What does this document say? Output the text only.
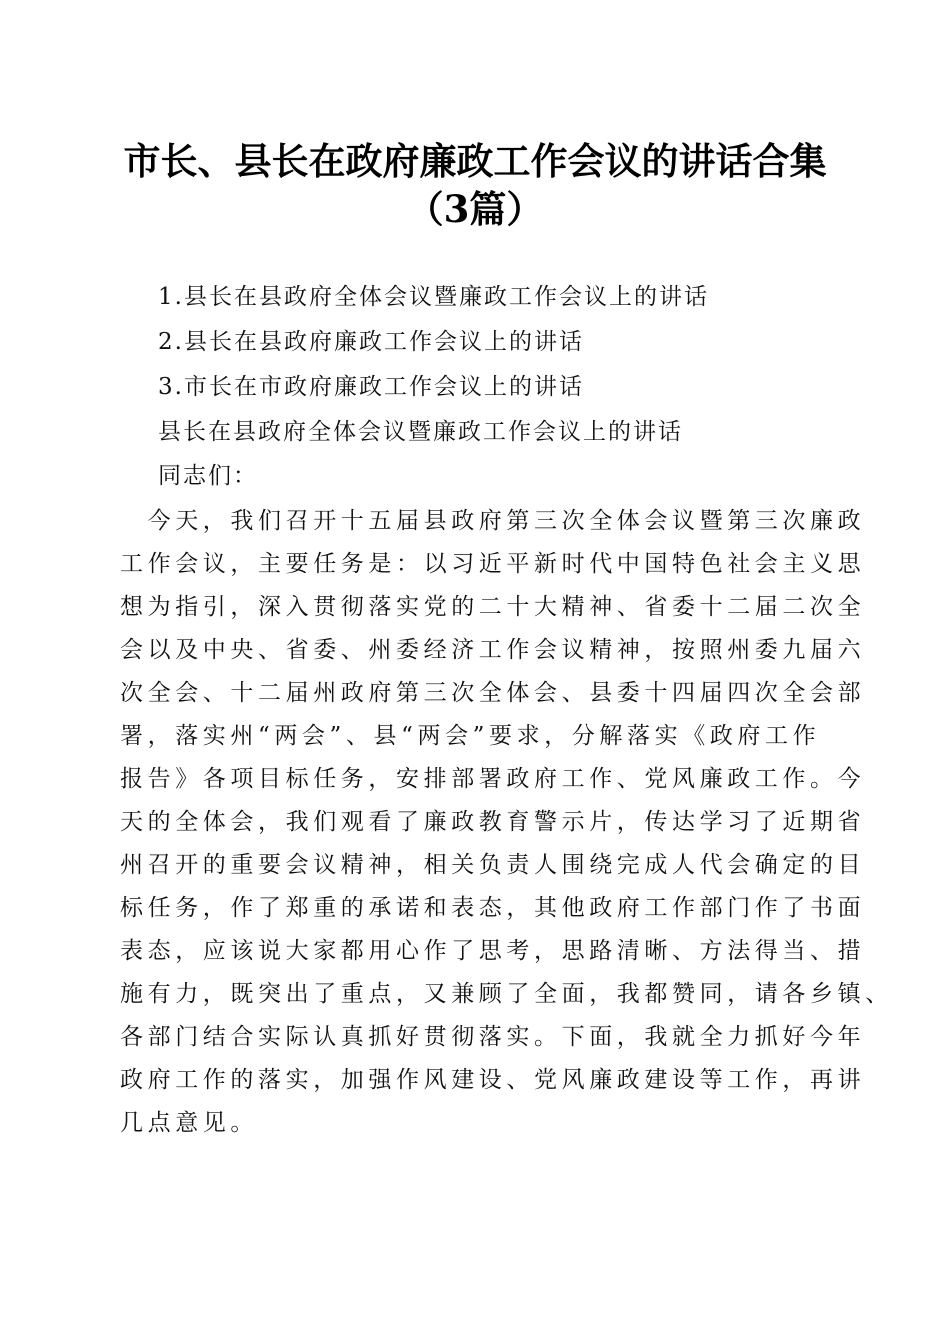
市长、县长在政府廉政工作会议的讲话合集
（3篇）
1.县长在县政府全体会议暨廉政工作会议上的讲话
2.县长在县政府廉政工作会议上的讲话
3.市长在市政府廉政工作会议上的讲话
县长在县政府全体会议暨廉政工作会议上的讲话
同志们：
　今天，我们召开十五届县政府第三次全体会议暨第三次廉政
工作会议，主要任务是：以习近平新时代中国特色社会主义思
想为指引，深入贯彻落实党的二十大精神、省委十二届二次全
会以及中央、省委、州委经济工作会议精神，按照州委九届六
次全会、十二届州政府第三次全体会、县委十四届四次全会部
署，落实州“两会”、县“两会”要求，分解落实《政府工作
报告》各项目标任务，安排部署政府工作、党风廉政工作。今
天的全体会，我们观看了廉政教育警示片，传达学习了近期省
州召开的重要会议精神，相关负责人围绕完成人代会确定的目
标任务，作了郑重的承诺和表态，其他政府工作部门作了书面
表态，应该说大家都用心作了思考，思路清晰、方法得当、措
施有力，既突出了重点，又兼顾了全面，我都赞同，请各乡镇、
各部门结合实际认真抓好贯彻落实。下面，我就全力抓好今年
政府工作的落实，加强作风建设、党风廉政建设等工作，再讲
几点意见。
